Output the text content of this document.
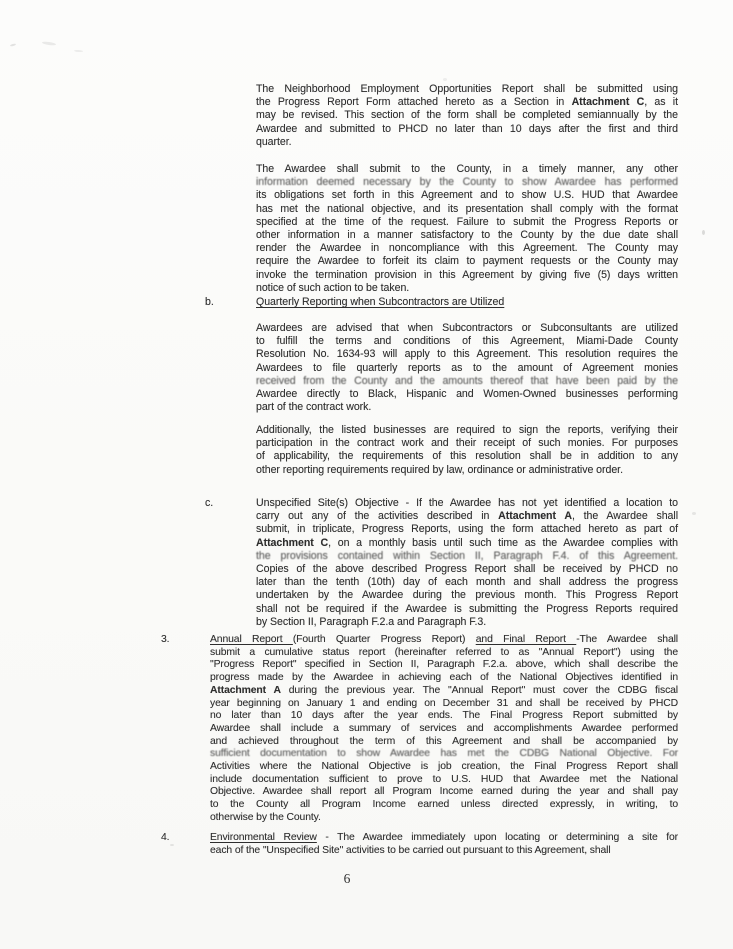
The Neighborhood Employment Opportunities Report shall be submitted using
the Progress Report Form attached hereto as a Section in Attachment C, as it
may be revised. This section of the form shall be completed semiannually by the
Awardee and submitted to PHCD no later than 10 days after the first and third
quarter.
The Awardee shall submit to the County, in a timely manner, any other
information deemed necessary by the County to show Awardee has performed
its obligations set forth in this Agreement and to show U.S. HUD that Awardee
has met the national objective, and its presentation shall comply with the format
specified at the time of the request. Failure to submit the Progress Reports or
other information in a manner satisfactory to the County by the due date shall
render the Awardee in noncompliance with this Agreement. The County may
require the Awardee to forfeit its claim to payment requests or the County may
invoke the termination provision in this Agreement by giving five (5) days written
notice of such action to be taken.
b.	Quarterly Reporting when Subcontractors are Utilized
Awardees are advised that when Subcontractors or Subconsultants are utilized
to fulfill the terms and conditions of this Agreement, Miami-Dade County
Resolution No. 1634-93 will apply to this Agreement. This resolution requires the
Awardees to file quarterly reports as to the amount of Agreement monies
received from the County and the amounts thereof that have been paid by the
Awardee directly to Black, Hispanic and Women-Owned businesses performing
part of the contract work.
Additionally, the listed businesses are required to sign the reports, verifying their
participation in the contract work and their receipt of such monies. For purposes
of applicability, the requirements of this resolution shall be in addition to any
other reporting requirements required by law, ordinance or administrative order.
c.	Unspecified Site(s) Objective - If the Awardee has not yet identified a location to
carry out any of the activities described in Attachment A, the Awardee shall
submit, in triplicate, Progress Reports, using the form attached hereto as part of
Attachment C, on a monthly basis until such time as the Awardee complies with
the provisions contained within Section II, Paragraph F.4. of this Agreement.
Copies of the above described Progress Report shall be received by PHCD no
later than the tenth (10th) day of each month and shall address the progress
undertaken by the Awardee during the previous month. This Progress Report
shall not be required if the Awardee is submitting the Progress Reports required
by Section II, Paragraph F.2.a and Paragraph F.3.
3.	Annual Report (Fourth Quarter Progress Report) and Final Report -The Awardee shall
submit a cumulative status report (hereinafter referred to as "Annual Report") using the
"Progress Report" specified in Section II, Paragraph F.2.a. above, which shall describe the
progress made by the Awardee in achieving each of the National Objectives identified in
Attachment A during the previous year. The "Annual Report" must cover the CDBG fiscal
year beginning on January 1 and ending on December 31 and shall be received by PHCD
no later than 10 days after the year ends. The Final Progress Report submitted by
Awardee shall include a summary of services and accomplishments Awardee performed
and achieved throughout the term of this Agreement and shall be accompanied by
sufficient documentation to show Awardee has met the CDBG National Objective. For
Activities where the National Objective is job creation, the Final Progress Report shall
include documentation sufficient to prove to U.S. HUD that Awardee met the National
Objective. Awardee shall report all Program Income earned during the year and shall pay
to the County all Program Income earned unless directed expressly, in writing, to
otherwise by the County.
4.	Environmental Review - The Awardee immediately upon locating or determining a site for
each of the "Unspecified Site" activities to be carried out pursuant to this Agreement, shall
6
